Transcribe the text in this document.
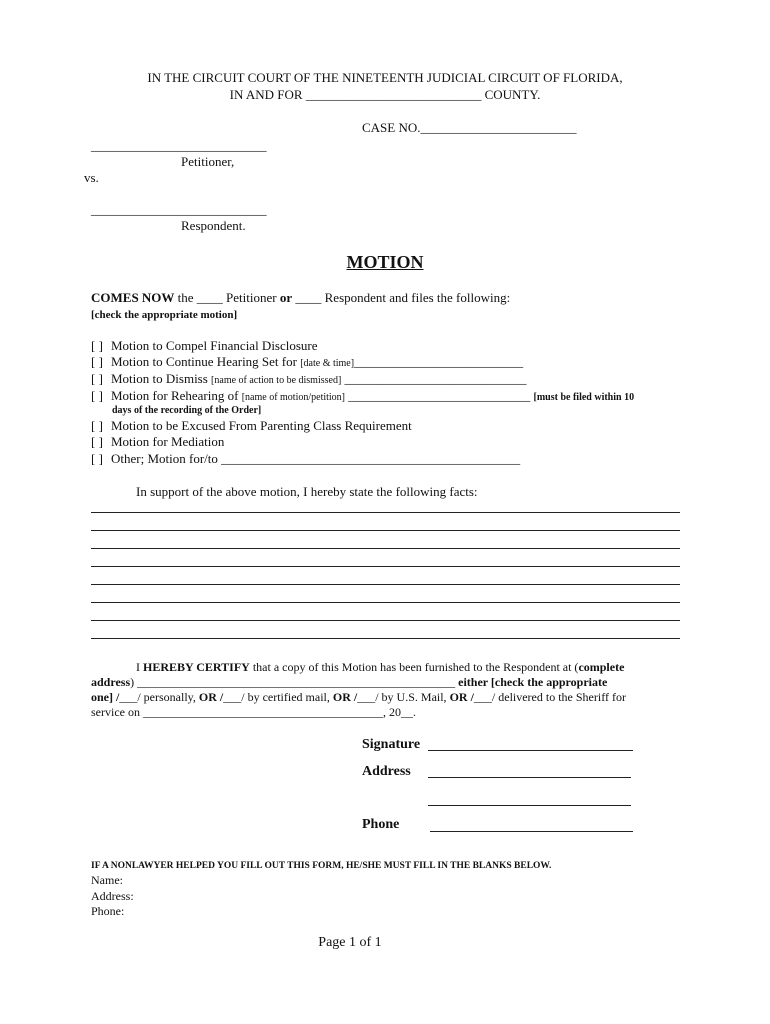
IN THE CIRCUIT COURT OF THE NINETEENTH JUDICIAL CIRCUIT OF FLORIDA,
IN AND FOR ___________________________ COUNTY.
CASE NO.________________________
___________________________
Petitioner,
vs.
___________________________
Respondent.
MOTION
COMES NOW the ____ Petitioner or ____ Respondent and files the following:
[check the appropriate motion]
[ ] Motion to Compel Financial Disclosure
[ ] Motion to Continue Hearing Set for [date & time]__________________________
[ ] Motion to Dismiss [name of action to be dismissed] ____________________________
[ ] Motion for Rehearing of [name of motion/petition] ____________________________ [must be filed within 10
days of the recording of the Order]
[ ] Motion to be Excused From Parenting Class Requirement
[ ] Motion for Mediation
[ ] Other; Motion for/to ______________________________________________
In support of the above motion, I hereby state the following facts:
I HEREBY CERTIFY that a copy of this Motion has been furnished to the Respondent at (complete
address) _____________________________________________________ either [check the appropriate
one] /___/ personally, OR /___/ by certified mail, OR /___/ by U.S. Mail, OR /___/ delivered to the Sheriff for
service on ________________________________________, 20__.
Signature
Address
Phone
IF A NONLAWYER HELPED YOU FILL OUT THIS FORM, HE/SHE MUST FILL IN THE BLANKS BELOW.
Name:
Address:
Phone:
Page 1 of 1
